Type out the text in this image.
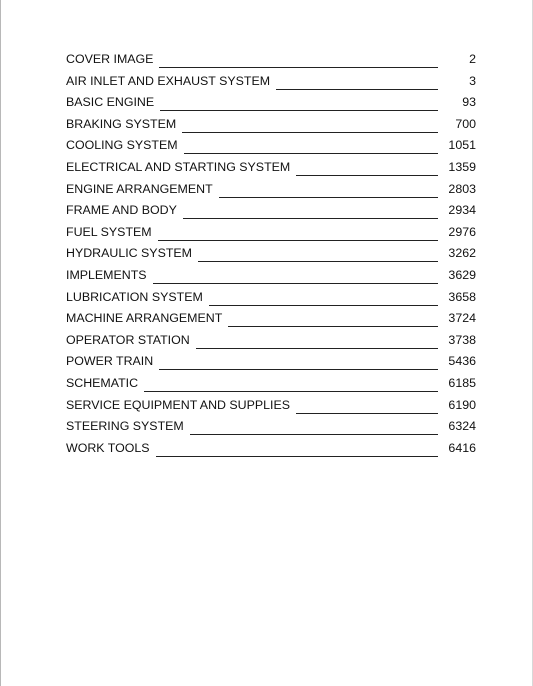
COVER IMAGE	2
AIR INLET AND EXHAUST SYSTEM	3
BASIC ENGINE	93
BRAKING SYSTEM	700
COOLING SYSTEM	1051
ELECTRICAL AND STARTING SYSTEM	1359
ENGINE ARRANGEMENT	2803
FRAME AND BODY	2934
FUEL SYSTEM	2976
HYDRAULIC SYSTEM	3262
IMPLEMENTS	3629
LUBRICATION SYSTEM	3658
MACHINE ARRANGEMENT	3724
OPERATOR STATION	3738
POWER TRAIN	5436
SCHEMATIC	6185
SERVICE EQUIPMENT AND SUPPLIES	6190
STEERING SYSTEM	6324
WORK TOOLS	6416
